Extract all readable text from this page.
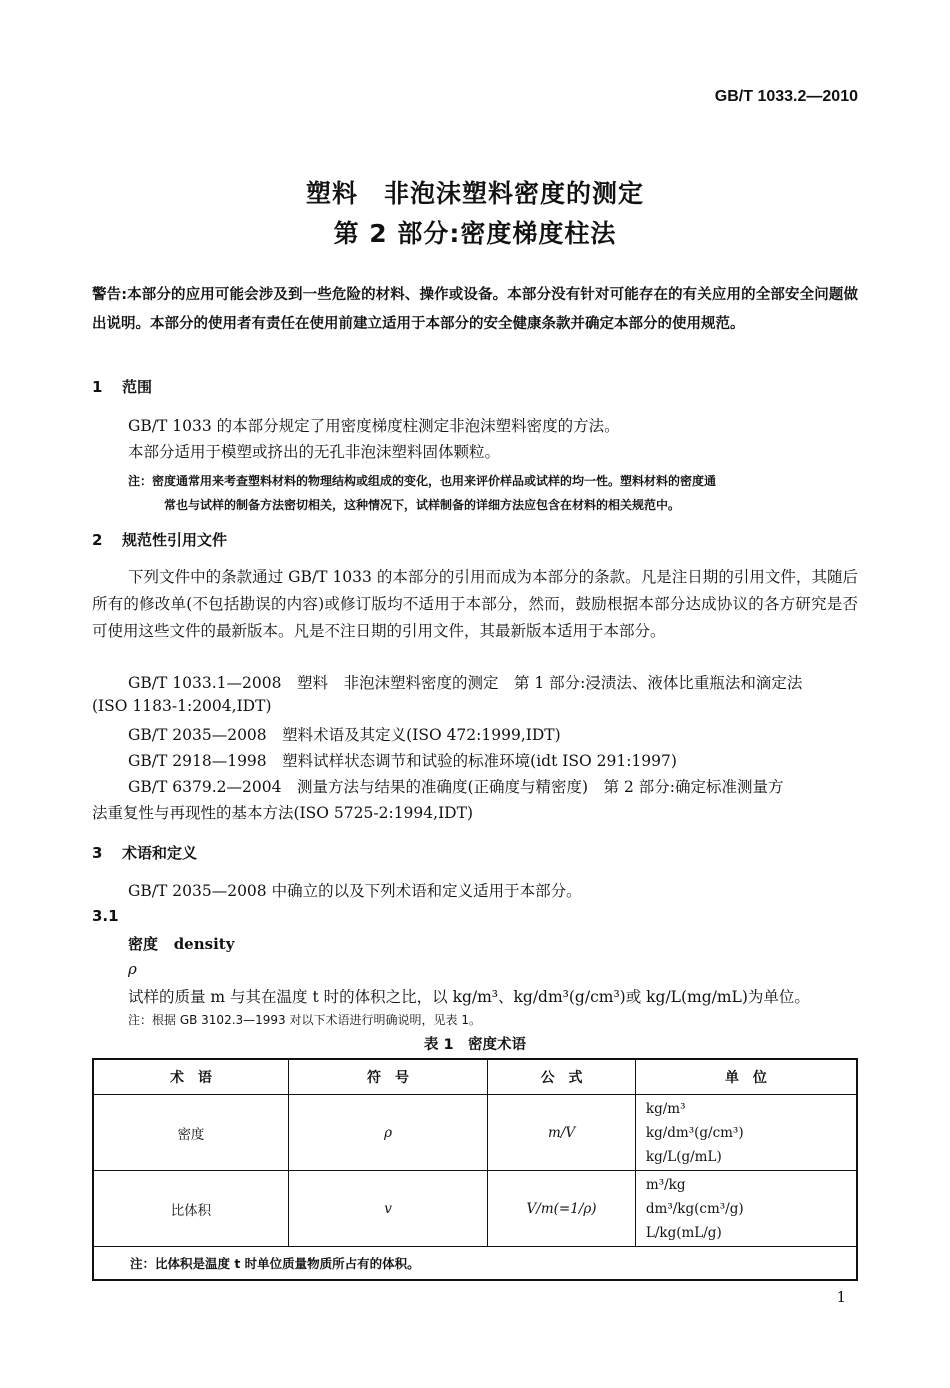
GB/T 1033.2—2010
塑料　非泡沫塑料密度的测定
第 2 部分:密度梯度柱法
警告:本部分的应用可能会涉及到一些危险的材料、操作或设备。本部分没有针对可能存在的有关应用的全部安全问题做出说明。本部分的使用者有责任在使用前建立适用于本部分的安全健康条款并确定本部分的使用规范。
1 范围
GB/T 1033 的本部分规定了用密度梯度柱测定非泡沫塑料密度的方法。
本部分适用于模塑或挤出的无孔非泡沫塑料固体颗粒。
注：密度通常用来考查塑料材料的物理结构或组成的变化，也用来评价样品或试样的均一性。塑料材料的密度通
常也与试样的制备方法密切相关，这种情况下，试样制备的详细方法应包含在材料的相关规范中。
2 规范性引用文件
下列文件中的条款通过 GB/T 1033 的本部分的引用而成为本部分的条款。凡是注日期的引用文件，其随后所有的修改单(不包括勘误的内容)或修订版均不适用于本部分，然而，鼓励根据本部分达成协议的各方研究是否可使用这些文件的最新版本。凡是不注日期的引用文件，其最新版本适用于本部分。
GB/T 1033.1—2008　塑料　非泡沫塑料密度的测定　第 1 部分:浸渍法、液体比重瓶法和滴定法
(ISO 1183-1:2004,IDT)
GB/T 2035—2008　塑料术语及其定义(ISO 472:1999,IDT)
GB/T 2918—1998　塑料试样状态调节和试验的标准环境(idt ISO 291:1997)
GB/T 6379.2—2004　测量方法与结果的准确度(正确度与精密度)　第 2 部分:确定标准测量方
法重复性与再现性的基本方法(ISO 5725-2:1994,IDT)
3 术语和定义
GB/T 2035—2008 中确立的以及下列术语和定义适用于本部分。
3.1
密度 density
ρ
试样的质量 m 与其在温度 t 时的体积之比，以 kg/m³、kg/dm³(g/cm³)或 kg/L(mg/mL)为单位。
注：根据 GB 3102.3—1993 对以下术语进行明确说明，见表 1。
表 1　密度术语
术　语	符　号	公　式	单　位
密度	ρ	m/V	kg/m³
kg/dm³(g/cm³)
kg/L(g/mL)

比体积	v	V/m(=1/ρ)	m³/kg
dm³/kg(cm³/g)
L/kg(mL/g)

注：比体积是温度 t 时单位质量物质所占有的体积。			
1
